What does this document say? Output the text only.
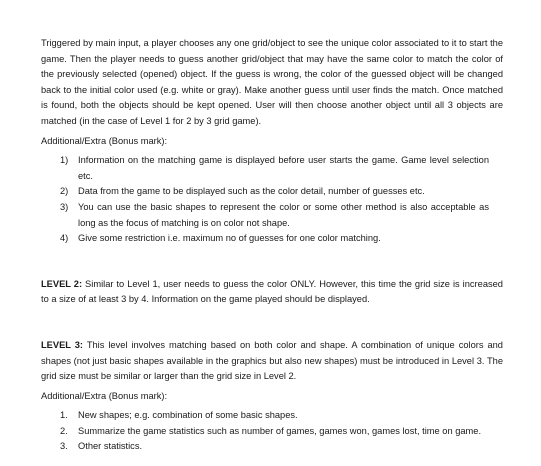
Triggered by main input, a player chooses any one grid/object to see the unique color associated to it to start the game. Then the player needs to guess another grid/object that may have the same color to match the color of the previously selected (opened) object. If the guess is wrong, the color of the guessed object will be changed back to the initial color used (e.g. white or gray). Make another guess until user finds the match. Once matched is found, both the objects should be kept opened. User will then choose another object until all 3 objects are matched (in the case of Level 1 for 2 by 3 grid game).

Additional/Extra (Bonus mark):

1) Information on the matching game is displayed before user starts the game. Game level selection etc.
2) Data from the game to be displayed such as the color detail, number of guesses etc.
3) You can use the basic shapes to represent the color or some other method is also acceptable as long as the focus of matching is on color not shape.
4) Give some restriction i.e. maximum no of guesses for one color matching.

LEVEL 2: Similar to Level 1, user needs to guess the color ONLY. However, this time the grid size is increased to a size of at least 3 by 4. Information on the game played should be displayed.

LEVEL 3: This level involves matching based on both color and shape. A combination of unique colors and shapes (not just basic shapes available in the graphics but also new shapes) must be introduced in Level 3. The grid size must be similar or larger than the grid size in Level 2.

Additional/Extra (Bonus mark):

1. New shapes; e.g. combination of some basic shapes.
2. Summarize the game statistics such as number of games, games won, games lost, time on game.
3. Other statistics.
